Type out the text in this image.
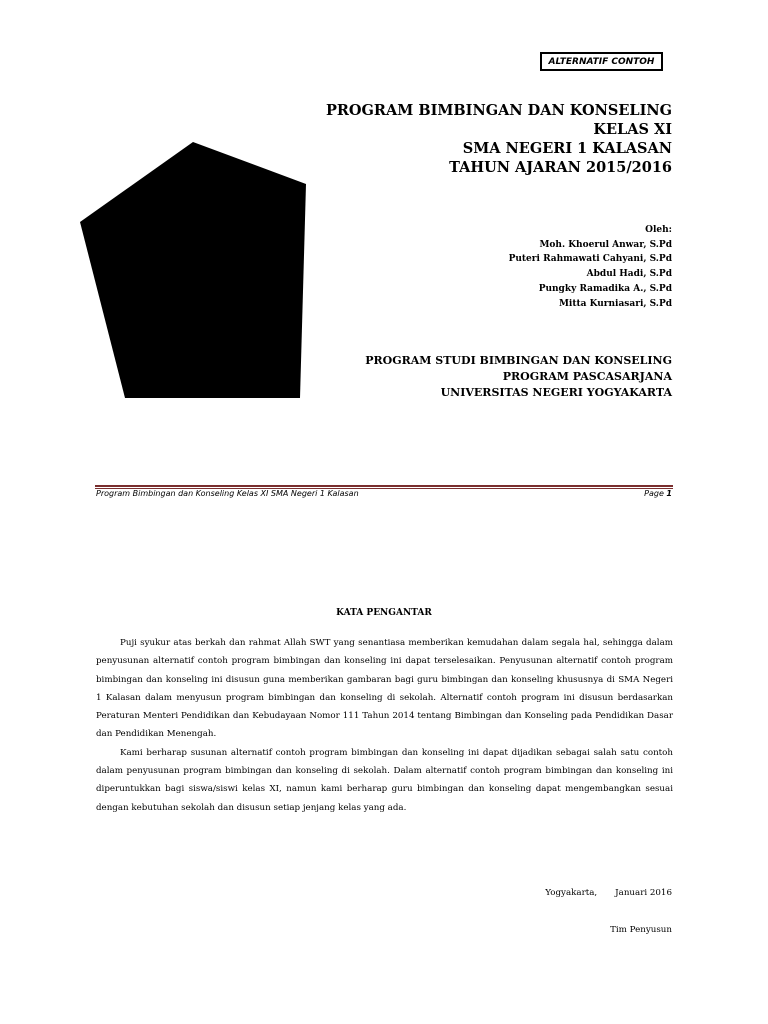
ALTERNATIF CONTOH
PROGRAM BIMBINGAN DAN KONSELING
KELAS XI
SMA NEGERI 1 KALASAN
TAHUN AJARAN 2015/2016
Oleh:
Moh. Khoerul Anwar, S.Pd
Puteri Rahmawati Cahyani, S.Pd
Abdul Hadi, S.Pd
Pungky Ramadika A., S.Pd
Mitta Kurniasari, S.Pd
PROGRAM STUDI BIMBINGAN DAN KONSELING
PROGRAM PASCASARJANA
UNIVERSITAS NEGERI YOGYAKARTA
Program Bimbingan dan Konseling Kelas XI SMA Negeri 1 Kalasan	Page 1
KATA PENGANTAR

Puji syukur atas berkah dan rahmat Allah SWT yang senantiasa memberikan kemudahan dalam segala hal, sehingga dalam penyusunan alternatif contoh program bimbingan dan konseling ini dapat terselesaikan. Penyusunan alternatif contoh program bimbingan dan konseling ini disusun guna memberikan gambaran bagi guru bimbingan dan konseling khususnya di SMA Negeri 1 Kalasan dalam menyusun program bimbingan dan konseling di sekolah. Alternatif contoh program ini disusun berdasarkan Peraturan Menteri Pendidikan dan Kebudayaan Nomor 111 Tahun 2014 tentang Bimbingan dan Konseling pada Pendidikan Dasar dan Pendidikan Menengah.

Kami berharap susunan alternatif contoh program bimbingan dan konseling ini dapat dijadikan sebagai salah satu contoh dalam penyusunan program bimbingan dan konseling di sekolah. Dalam alternatif contoh program bimbingan dan konseling ini diperuntukkan bagi siswa/siswi kelas XI, namun kami berharap guru bimbingan dan konseling dapat mengembangkan sesuai dengan kebutuhan sekolah dan disusun setiap jenjang kelas yang ada.

Yogyakarta, Januari 2016
Tim Penyusun
